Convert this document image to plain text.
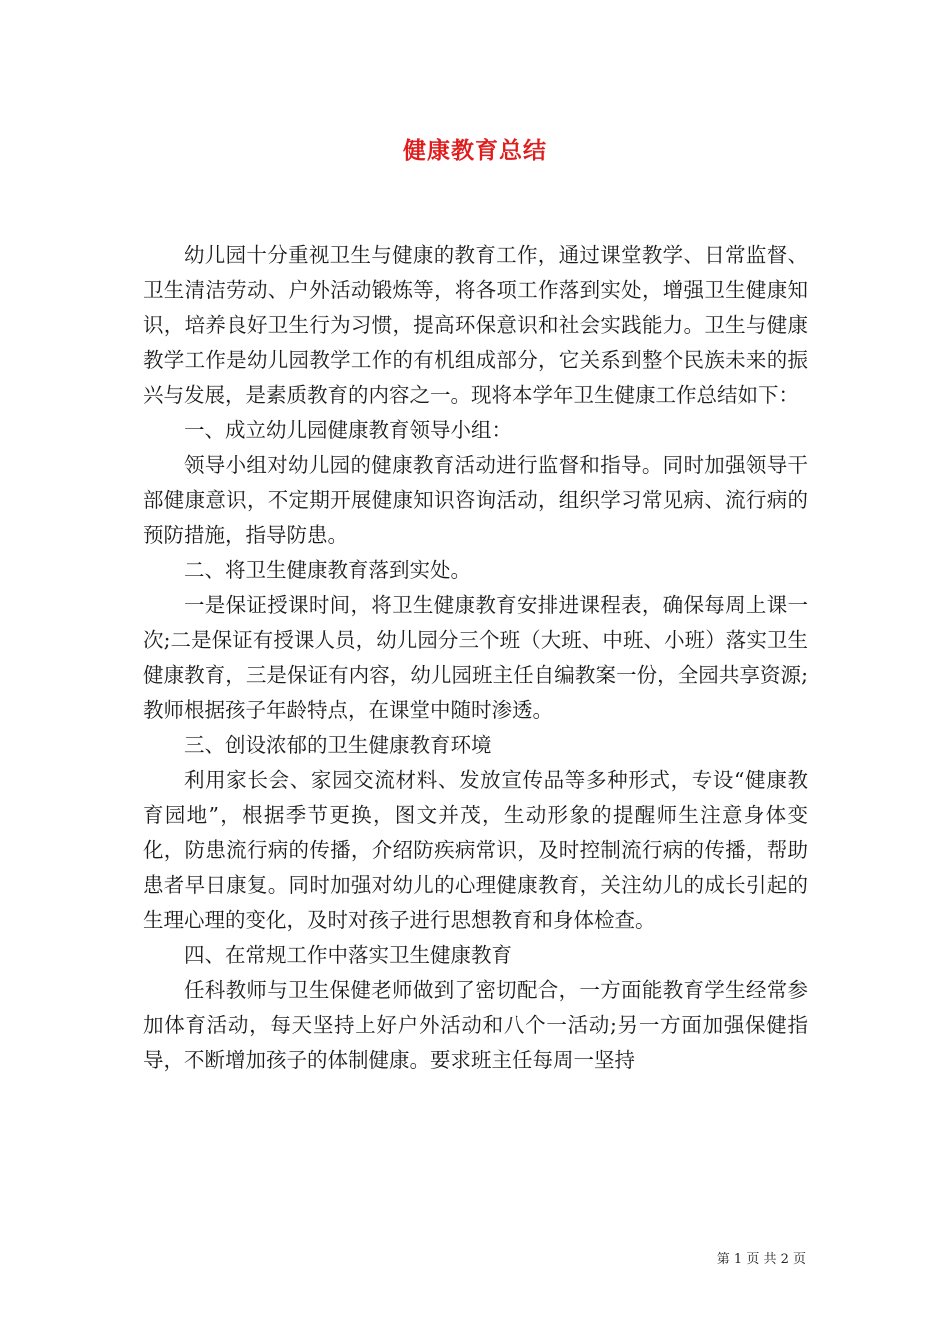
健康教育总结

幼儿园十分重视卫生与健康的教育工作，通过课堂教学、日常监督、卫生清洁劳动、户外活动锻炼等，将各项工作落到实处，增强卫生健康知识，培养良好卫生行为习惯，提高环保意识和社会实践能力。卫生与健康教学工作是幼儿园教学工作的有机组成部分，它关系到整个民族未来的振兴与发展，是素质教育的内容之一。现将本学年卫生健康工作总结如下：

一、成立幼儿园健康教育领导小组：

领导小组对幼儿园的健康教育活动进行监督和指导。同时加强领导干部健康意识，不定期开展健康知识咨询活动，组织学习常见病、流行病的预防措施，指导防患。

二、将卫生健康教育落到实处。

一是保证授课时间，将卫生健康教育安排进课程表，确保每周上课一次;二是保证有授课人员，幼儿园分三个班（大班、中班、小班）落实卫生健康教育，三是保证有内容，幼儿园班主任自编教案一份，全园共享资源;教师根据孩子年龄特点，在课堂中随时渗透。

三、创设浓郁的卫生健康教育环境

利用家长会、家园交流材料、发放宣传品等多种形式，专设“健康教育园地”，根据季节更换，图文并茂，生动形象的提醒师生注意身体变化，防患流行病的传播，介绍防疾病常识，及时控制流行病的传播，帮助患者早日康复。同时加强对幼儿的心理健康教育，关注幼儿的成长引起的生理心理的变化，及时对孩子进行思想教育和身体检查。

四、在常规工作中落实卫生健康教育

任科教师与卫生保健老师做到了密切配合，一方面能教育学生经常参加体育活动，每天坚持上好户外活动和八个一活动;另一方面加强保健指导，不断增加孩子的体制健康。要求班主任每周一坚持

第 1 页 共 2 页
